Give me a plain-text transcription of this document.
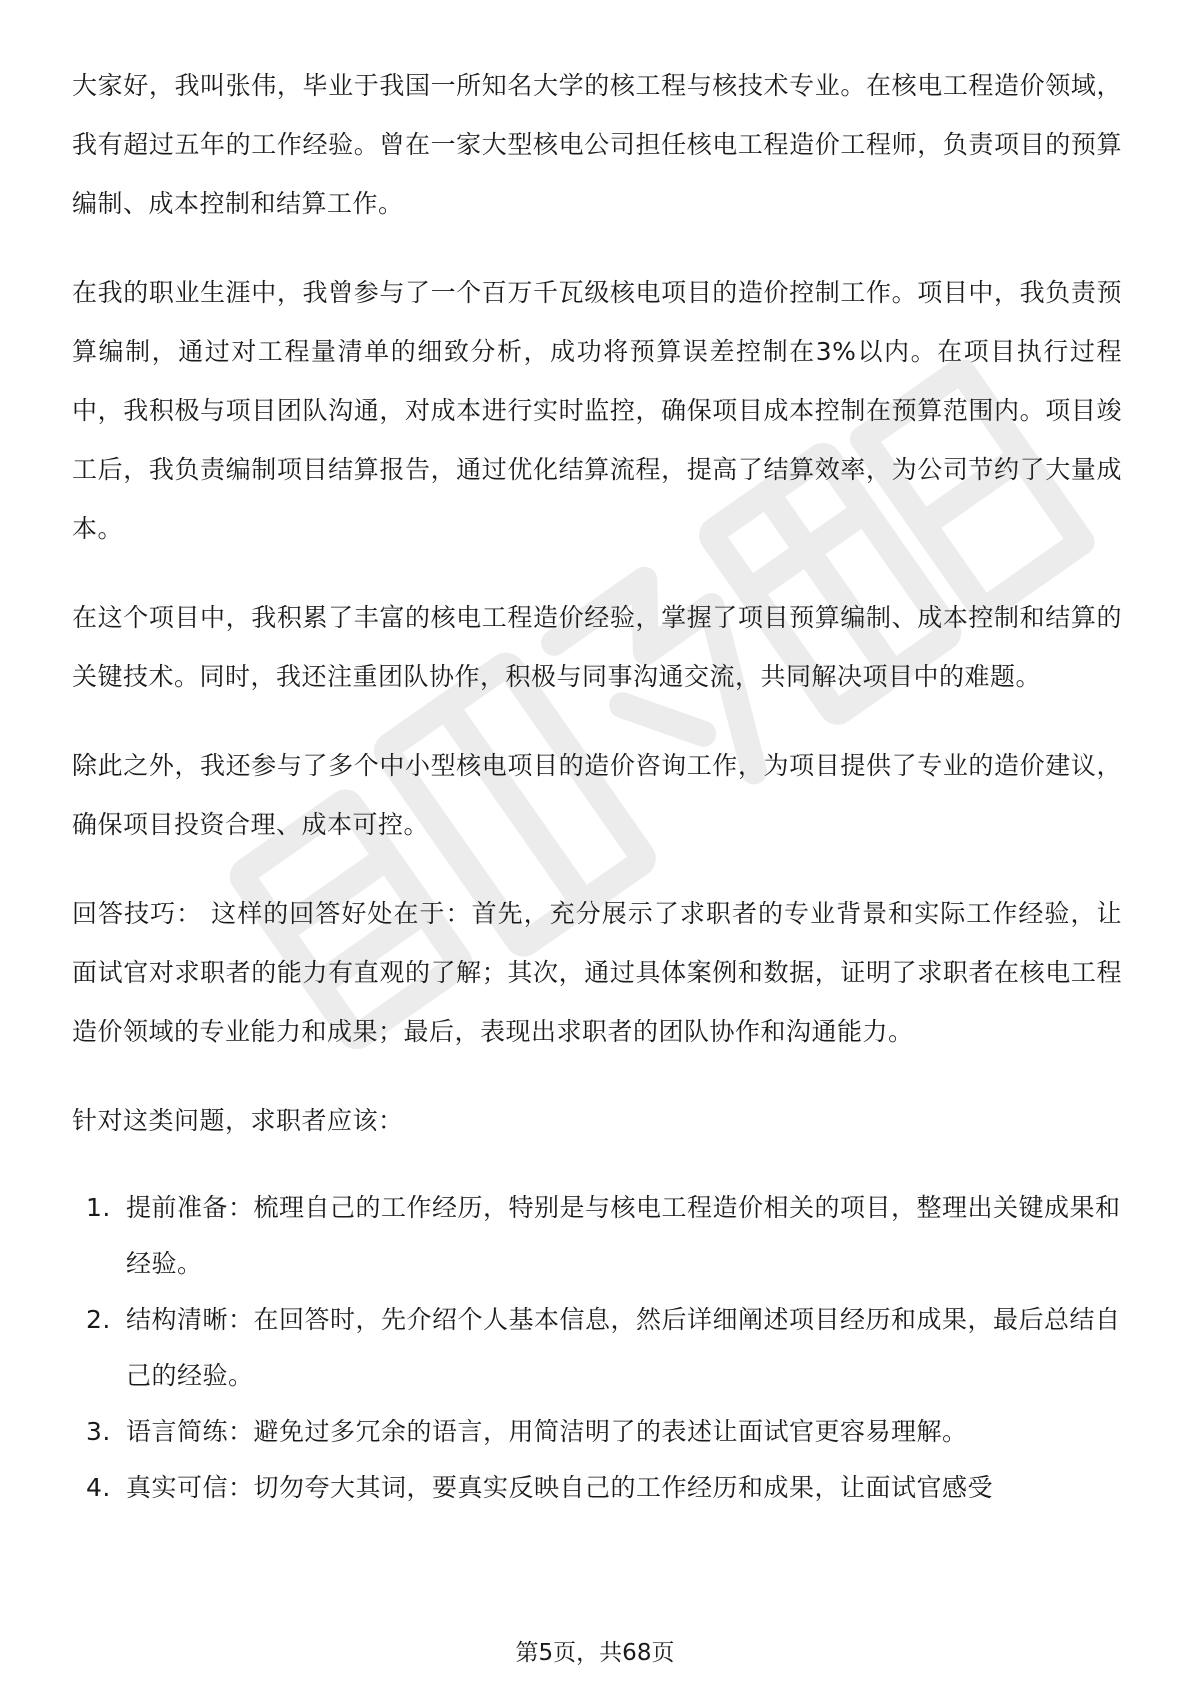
大家好，我叫张伟，毕业于我国一所知名大学的核工程与核技术专业。在核电工程造价领域，我有超过五年的工作经验。曾在一家大型核电公司担任核电工程造价工程师，负责项目的预算编制、成本控制和结算工作。

在我的职业生涯中，我曾参与了一个百万千瓦级核电项目的造价控制工作。项目中，我负责预算编制，通过对工程量清单的细致分析，成功将预算误差控制在3%以内。在项目执行过程中，我积极与项目团队沟通，对成本进行实时监控，确保项目成本控制在预算范围内。项目竣工后，我负责编制项目结算报告，通过优化结算流程，提高了结算效率，为公司节约了大量成本。

在这个项目中，我积累了丰富的核电工程造价经验，掌握了项目预算编制、成本控制和结算的关键技术。同时，我还注重团队协作，积极与同事沟通交流，共同解决项目中的难题。

除此之外，我还参与了多个中小型核电项目的造价咨询工作，为项目提供了专业的造价建议，确保项目投资合理、成本可控。

回答技巧： 这样的回答好处在于：首先，充分展示了求职者的专业背景和实际工作经验，让面试官对求职者的能力有直观的了解；其次，通过具体案例和数据，证明了求职者在核电工程造价领域的专业能力和成果；最后，表现出求职者的团队协作和沟通能力。

针对这类问题，求职者应该：

1. 提前准备：梳理自己的工作经历，特别是与核电工程造价相关的项目，整理出关键成果和经验。
2. 结构清晰：在回答时，先介绍个人基本信息，然后详细阐述项目经历和成果，最后总结自己的经验。
3. 语言简练：避免过多冗余的语言，用简洁明了的表述让面试官更容易理解。
4. 真实可信：切勿夸大其词，要真实反映自己的工作经历和成果，让面试官感受
第5页，共68页
